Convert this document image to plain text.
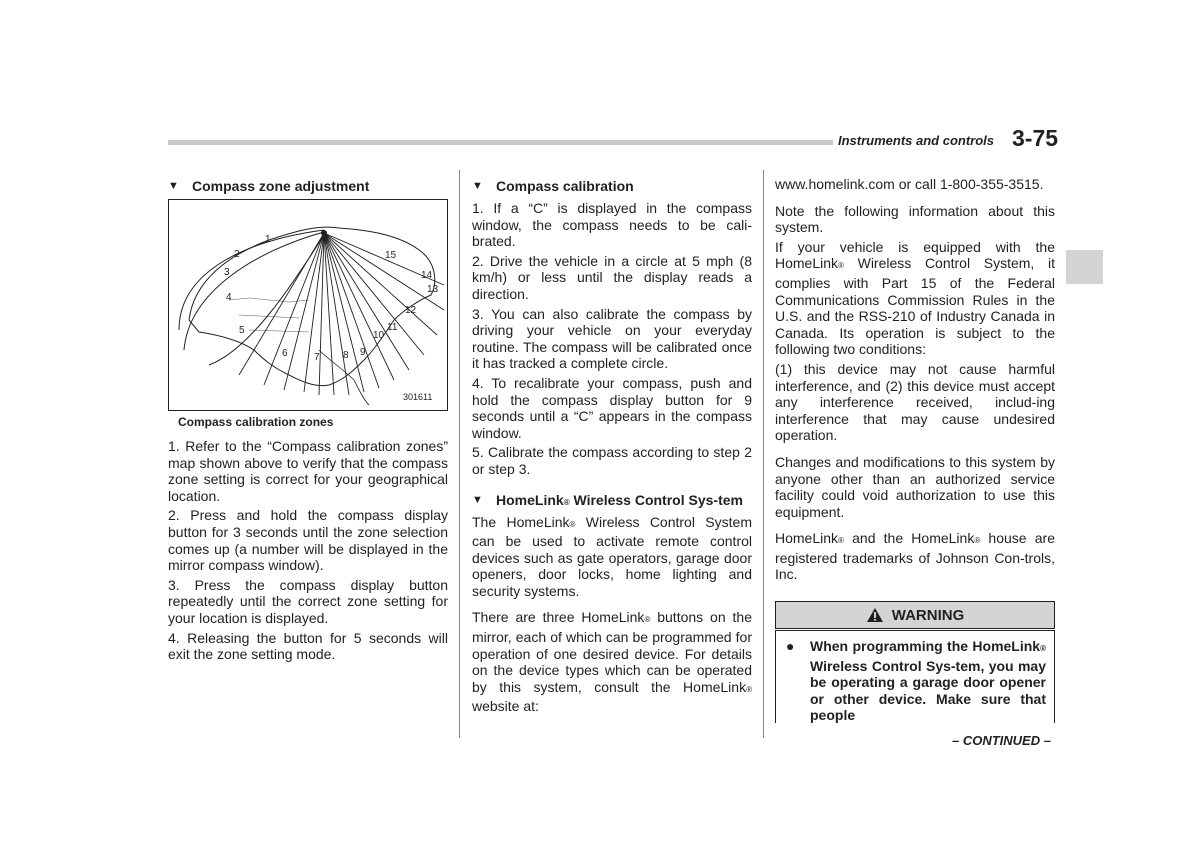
Instruments and controls 3-75
▼ Compass zone adjustment
1
2
3
4
5
6	7 8 9
10
11
12
13
14
15
301611
Compass calibration zones

1. Refer to the “Compass calibration zones” map shown above to verify that the compass zone setting is correct for your geographical location.

2. Press and hold the compass display button for 3 seconds until the zone selection comes up (a number will be displayed in the mirror compass window).

3. Press the compass display button repeatedly until the correct zone setting for your location is displayed.

4. Releasing the button for 5 seconds will exit the zone setting mode.

▼ Compass calibration

1. If a “C” is displayed in the compass window, the compass needs to be cali-brated.

2. Drive the vehicle in a circle at 5 mph (8 km/h) or less until the display reads a direction.

3. You can also calibrate the compass by driving your vehicle on your everyday routine. The compass will be calibrated once it has tracked a complete circle.

4. To recalibrate your compass, push and hold the compass display button for 9 seconds until a “C” appears in the compass window.

5. Calibrate the compass according to step 2 or step 3.

▼ HomeLink® Wireless Control Sys-tem

The HomeLink® Wireless Control System can be used to activate remote control devices such as gate operators, garage door openers, door locks, home lighting and security systems.

There are three HomeLink® buttons on the mirror, each of which can be programmed for operation of one desired device. For details on the device types which can be operated by this system, consult the HomeLink® website at:

www.homelink.com or call 1-800-355-3515.

Note the following information about this system.

If your vehicle is equipped with the HomeLink® Wireless Control System, it complies with Part 15 of the Federal Communications Commission Rules in the U.S. and the RSS-210 of Industry Canada in Canada. Its operation is subject to the following two conditions:

(1) this device may not cause harmful interference, and (2) this device must accept any interference received, includ-ing interference that may cause undesired operation.

Changes and modifications to this system by anyone other than an authorized service facility could void authorization to use this equipment.

HomeLink® and the HomeLink® house are registered trademarks of Johnson Con-trols, Inc.

WARNING
●	When programming the HomeLink® Wireless Control Sys-tem, you may be operating a garage door opener or other device. Make sure that people
– CONTINUED –
